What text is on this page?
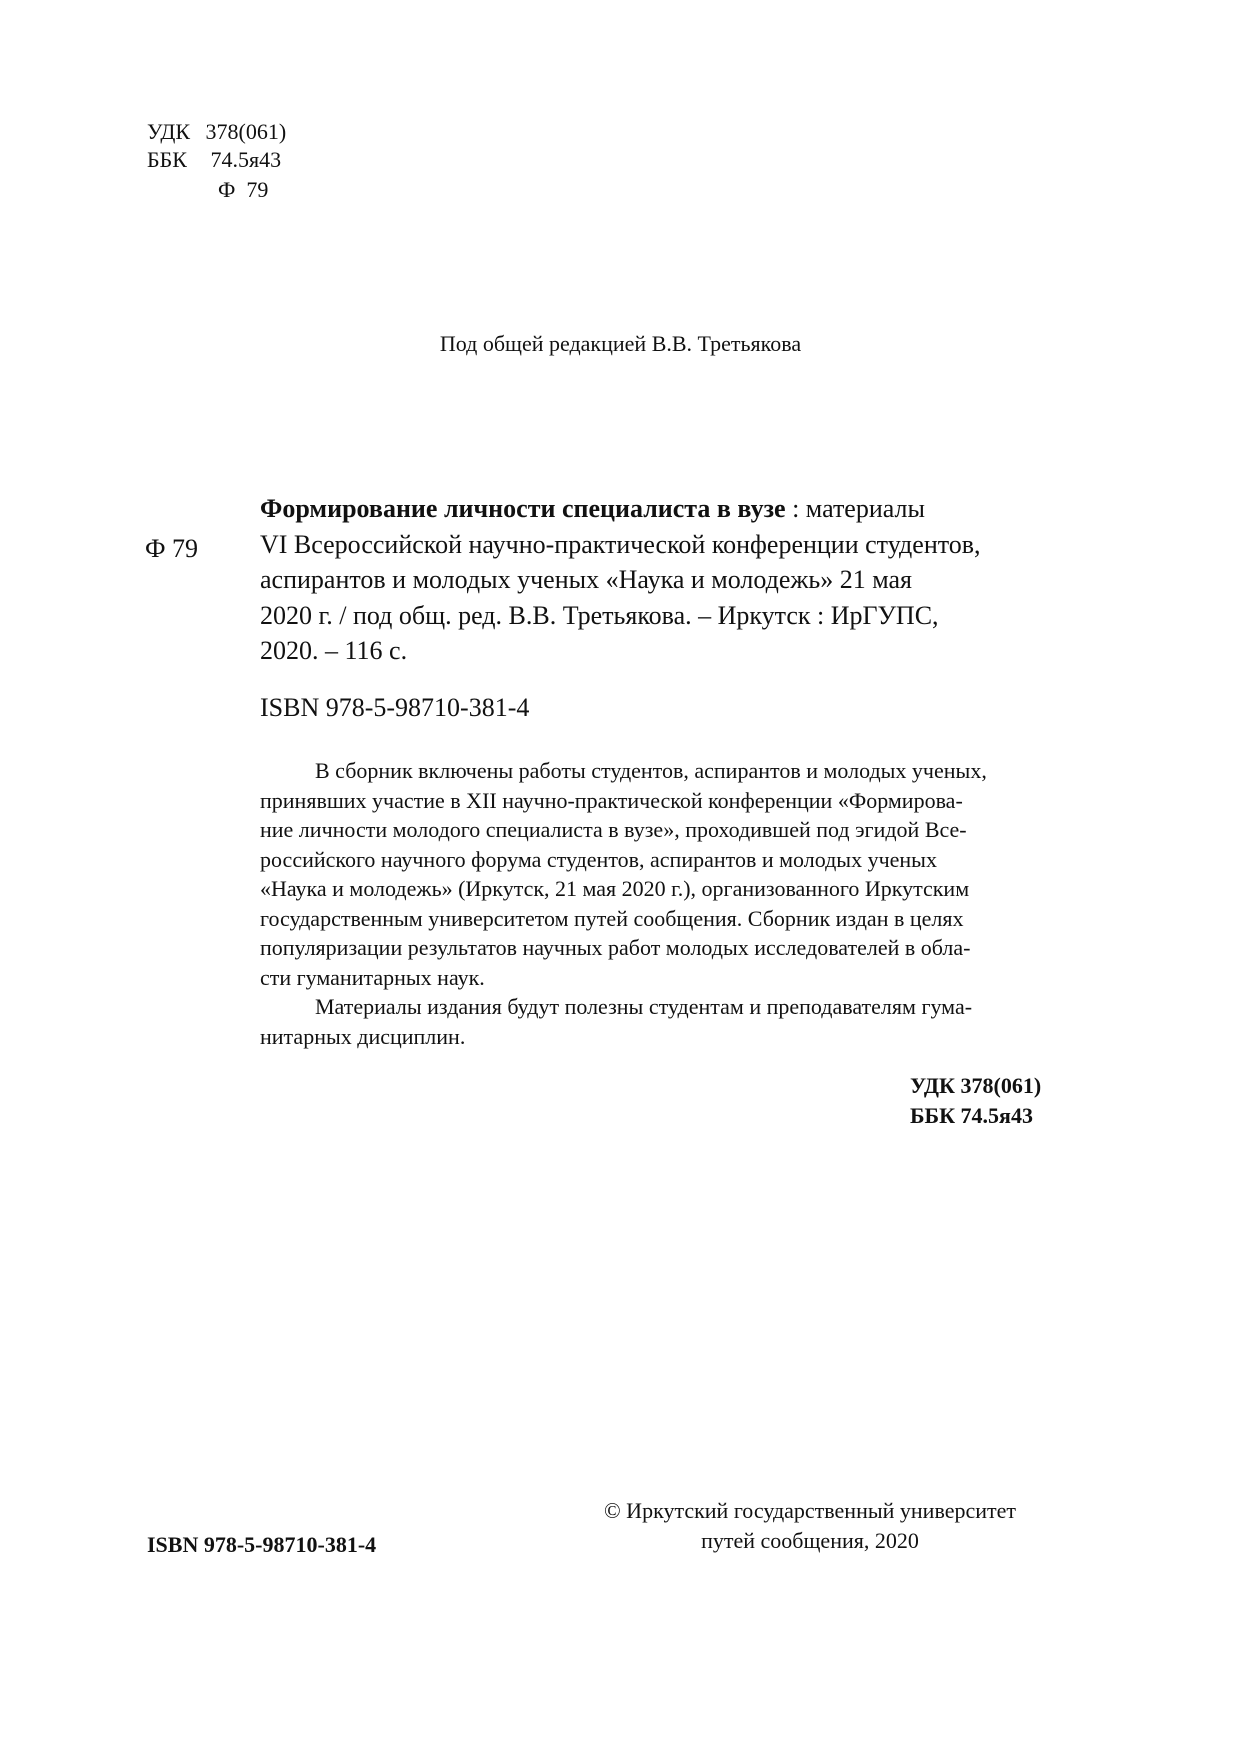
УДК 378(061)
ББК 74.5я43
Ф  79
Под общей редакцией В.В. Третьякова
Ф 79
Формирование личности специалиста в вузе : материалы
VI Всероссийской научно-практической конференции студентов,
аспирантов и молодых ученых «Наука и молодежь» 21 мая
2020 г. / под общ. ред. В.В. Третьякова. – Иркутск : ИрГУПС,
2020. – 116 с.
ISBN 978-5-98710-381-4
В сборник включены работы студентов, аспирантов и молодых ученых,
принявших участие в XII научно-практической конференции «Формирова-
ние личности молодого специалиста в вузе», проходившей под эгидой Все-
российского научного форума студентов, аспирантов и молодых ученых
«Наука и молодежь» (Иркутск, 21 мая 2020 г.), организованного Иркутским
государственным университетом путей сообщения. Сборник издан в целях
популяризации результатов научных работ молодых исследователей в обла-
сти гуманитарных наук.
Материалы издания будут полезны студентам и преподавателям гума-
нитарных дисциплин.
УДК 378(061)
ББК 74.5я43
© Иркутский государственный университет
путей сообщения, 2020
ISBN 978-5-98710-381-4
